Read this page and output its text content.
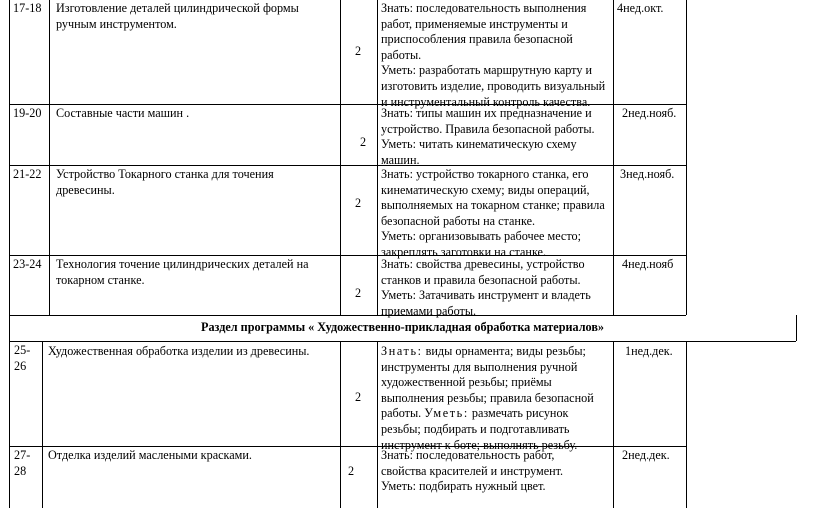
17-18 Изготовление деталей цилиндрической формы
ручным инструментом.
2
Знать: последовательность выполнения
работ, применяемые инструменты и
приспособления правила безопасной
работы.
Уметь: разработать маршрутную карту и
изготовить изделие, проводить визуальный
и инструментальный контроль качества.
4нед.окт.
19-20 Составные части машин .
2
Знать: типы машин их предназначение и
устройство. Правила безопасной работы.
Уметь: читать кинематическую схему
машин.
2нед.нояб.
21-22 Устройство Токарного станка для точения
древесины.
2
Знать: устройство токарного станка, его
кинематическую схему; виды операций,
выполняемых на токарном станке; правила
безопасной работы на станке.
Уметь: организовывать рабочее место;
закреплять заготовки на станке.
3нед.нояб.
23-24 Технология точение цилиндрических деталей на
токарном станке.
2
Знать: свойства древесины, устройство
станков и правила безопасной работы.
Уметь: Затачивать инструмент и владеть
приемами работы.
4нед.нояб
Раздел программы « Художественно-прикладная обработка материалов»
25-
26
Художественная обработка изделии из древесины.
2
Знать: виды орнамента; виды резьбы;
инструменты для выполнения ручной
художественной резьбы; приёмы
выполнения резьбы; правила безопасной
работы. Уметь: размечать рисунок
резьбы; подбирать и подготавливать
инструмент к боте; выполнять резьбу.
1нед.дек.
27-
28
Отделка изделий маслеными красками.
2
Знать: последовательность работ,
свойства красителей и инструмент.
Уметь: подбирать нужный цвет.
2нед.дек.
